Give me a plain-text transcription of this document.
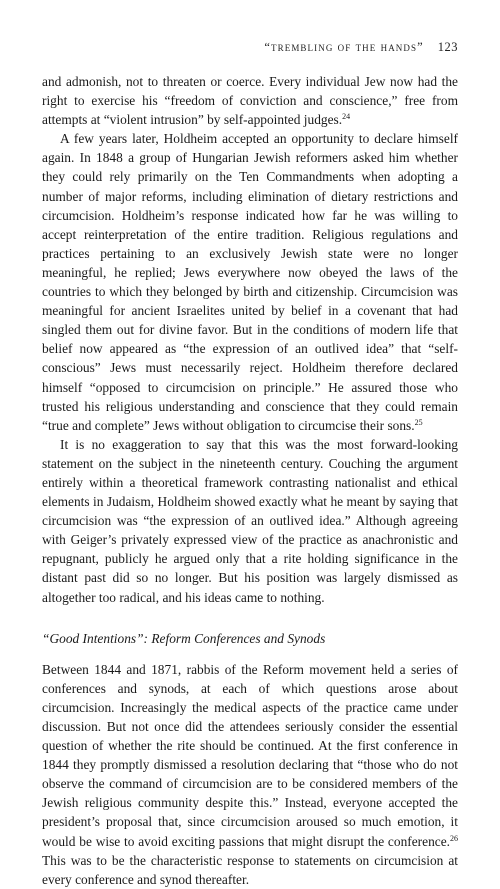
“trembling of the hands” 123

and admonish, not to threaten or coerce. Every individual Jew now had the right to exercise his “freedom of conviction and conscience,” free from attempts at “violent intrusion” by self-appointed judges.$^{24}$

A few years later, Holdheim accepted an opportunity to declare himself again. In 1848 a group of Hungarian Jewish reformers asked him whether they could rely primarily on the Ten Commandments when adopting a number of major reforms, including elimination of dietary restrictions and circumcision. Holdheim’s response indicated how far he was willing to accept reinterpretation of the entire tradition. Religious regulations and practices pertaining to an exclusively Jewish state were no longer meaningful, he replied; Jews everywhere now obeyed the laws of the countries to which they belonged by birth and citizenship. Circumcision was meaningful for ancient Israelites united by belief in a covenant that had singled them out for divine favor. But in the conditions of modern life that belief now appeared as “the expression of an outlived idea” that “self-conscious” Jews must necessarily reject. Holdheim therefore declared himself “opposed to circumcision on principle.” He assured those who trusted his religious understanding and conscience that they could remain “true and complete” Jews without obligation to circumcise their sons.$^{25}$

It is no exaggeration to say that this was the most forward-looking statement on the subject in the nineteenth century. Couching the argument entirely within a theoretical framework contrasting nationalist and ethical elements in Judaism, Holdheim showed exactly what he meant by saying that circumcision was “the expression of an outlived idea.” Although agreeing with Geiger’s privately expressed view of the practice as anachronistic and repugnant, publicly he argued only that a rite holding significance in the distant past did so no longer. But his position was largely dismissed as altogether too radical, and his ideas came to nothing.

“Good Intentions”: Reform Conferences and Synods

Between 1844 and 1871, rabbis of the Reform movement held a series of conferences and synods, at each of which questions arose about circumcision. Increasingly the medical aspects of the practice came under discussion. But not once did the attendees seriously consider the essential question of whether the rite should be continued. At the first conference in 1844 they promptly dismissed a resolution declaring that “those who do not observe the command of circumcision are to be considered members of the Jewish religious community despite this.” Instead, everyone accepted the president’s proposal that, since circumcision aroused so much emotion, it would be wise to avoid exciting passions that might disrupt the conference.$^{26}$ This was to be the characteristic response to statements on circumcision at every conference and synod thereafter.
